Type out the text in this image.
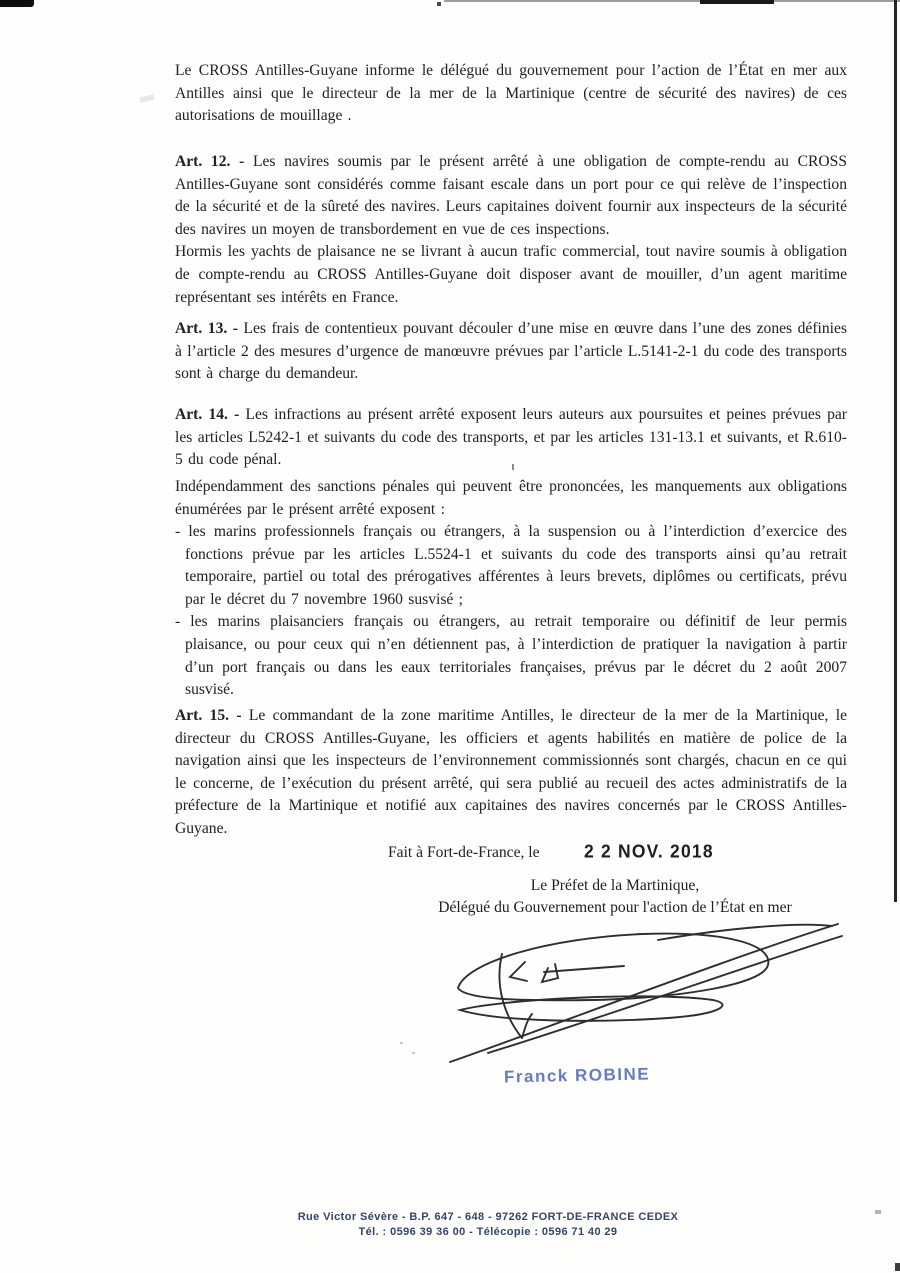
Le CROSS Antilles-Guyane informe le délégué du gouvernement pour l’action de l’État en mer aux Antilles ainsi que le directeur de la mer de la Martinique (centre de sécurité des navires) de ces autorisations de mouillage .

Art. 12. - Les navires soumis par le présent arrêté à une obligation de compte-rendu au CROSS Antilles-Guyane sont considérés comme faisant escale dans un port pour ce qui relève de l’inspection de la sécurité et de la sûreté des navires. Leurs capitaines doivent fournir aux inspecteurs de la sécurité des navires un moyen de transbordement en vue de ces inspections.

Hormis les yachts de plaisance ne se livrant à aucun trafic commercial, tout navire soumis à obligation de compte-rendu au CROSS Antilles-Guyane doit disposer avant de mouiller, d’un agent maritime représentant ses intérêts en France.

Art. 13. - Les frais de contentieux pouvant découler d’une mise en œuvre dans l’une des zones définies à l’article 2 des mesures d’urgence de manœuvre prévues par l’article L.5141-2-1 du code des transports sont à charge du demandeur.

Art. 14. - Les infractions au présent arrêté exposent leurs auteurs aux poursuites et peines prévues par les articles L5242-1 et suivants du code des transports, et par les articles 131-13.1 et suivants, et R.610-5 du code pénal.

Indépendamment des sanctions pénales qui peuvent être prononcées, les manquements aux obligations énumérées par le présent arrêté exposent :

- les marins professionnels français ou étrangers, à la suspension ou à l’interdiction d’exercice des fonctions prévue par les articles L.5524-1 et suivants du code des transports ainsi qu’au retrait temporaire, partiel ou total des prérogatives afférentes à leurs brevets, diplômes ou certificats, prévu par le décret du 7 novembre 1960 susvisé ;

- les marins plaisanciers français ou étrangers, au retrait temporaire ou définitif de leur permis plaisance, ou pour ceux qui n’en détiennent pas, à l’interdiction de pratiquer la navigation à partir d’un port français ou dans les eaux territoriales françaises, prévus par le décret du 2 août 2007 susvisé.

Art. 15. - Le commandant de la zone maritime Antilles, le directeur de la mer de la Martinique, le directeur du CROSS Antilles-Guyane, les officiers et agents habilités en matière de police de la navigation ainsi que les inspecteurs de l’environnement commissionnés sont chargés, chacun en ce qui le concerne, de l’exécution du présent arrêté, qui sera publié au recueil des actes administratifs de la préfecture de la Martinique et notifié aux capitaines des navires concernés par le CROSS Antilles-Guyane.

Fait à Fort-de-France, le	2 2 NOV. 2018
Le Préfet de la Martinique,
Délégué du Gouvernement pour l'action de l’État en mer
Franck ROBINE

Rue Victor Sévère - B.P. 647 - 648 - 97262 FORT-DE-FRANCE CEDEX

Tél. : 0596 39 36 00 - Télécopie : 0596 71 40 29
